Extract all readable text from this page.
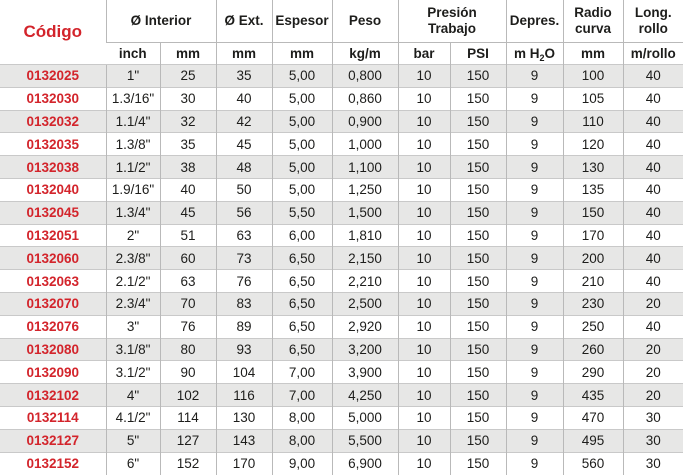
Código	Ø Interior		Ø Ext.	Espesor	Peso	Presión Trabajo		Depres.	Radio curva	Long. rollo
	inch	mm	mm	mm	kg/m	bar	PSI	m $H_2O$	mm	m/rollo
0132025	1"	25	35	5,00	0,800	10	150	9	100	40
0132030	1.3/16"	30	40	5,00	0,860	10	150	9	105	40
0132032	1.1/4"	32	42	5,00	0,900	10	150	9	110	40
0132035	1.3/8"	35	45	5,00	1,000	10	150	9	120	40
0132038	1.1/2"	38	48	5,00	1,100	10	150	9	130	40
0132040	1.9/16"	40	50	5,00	1,250	10	150	9	135	40
0132045	1.3/4"	45	56	5,50	1,500	10	150	9	150	40
0132051	2"	51	63	6,00	1,810	10	150	9	170	40
0132060	2.3/8"	60	73	6,50	2,150	10	150	9	200	40
0132063	2.1/2"	63	76	6,50	2,210	10	150	9	210	40
0132070	2.3/4"	70	83	6,50	2,500	10	150	9	230	20
0132076	3"	76	89	6,50	2,920	10	150	9	250	40
0132080	3.1/8"	80	93	6,50	3,200	10	150	9	260	20
0132090	3.1/2"	90	104	7,00	3,900	10	150	9	290	20
0132102	4"	102	116	7,00	4,250	10	150	9	435	20
0132114	4.1/2"	114	130	8,00	5,000	10	150	9	470	30
0132127	5"	127	143	8,00	5,500	10	150	9	495	30
0132152	6"	152	170	9,00	6,900	10	150	9	560	30
